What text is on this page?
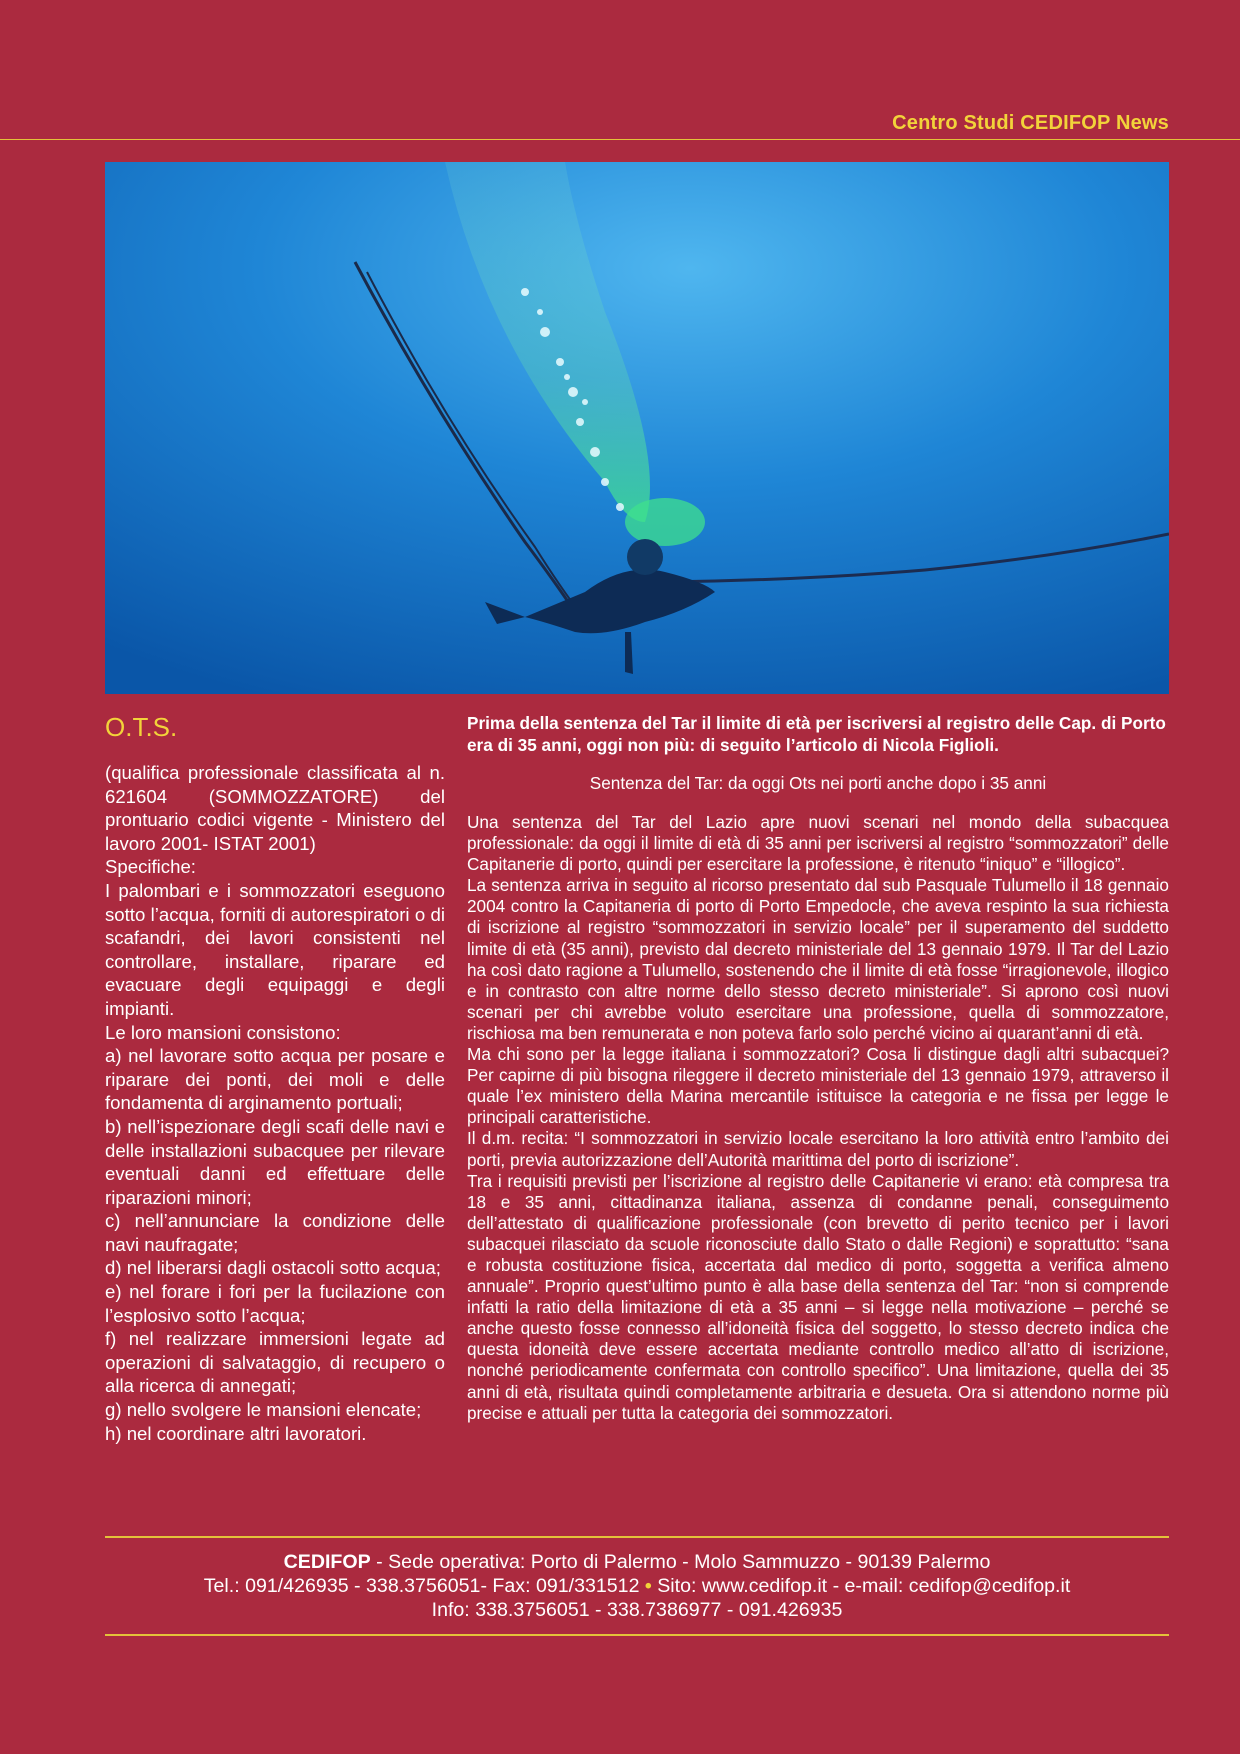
Centro Studi CEDIFOP News
O.T.S.

(qualifica professionale classificata al n. 621604 (SOMMOZZATORE) del prontuario codici vigente - Ministero del lavoro 2001- ISTAT 2001)

Specifiche:

I palombari e i sommozzatori eseguono sotto l’acqua, forniti di autorespiratori o di scafandri, dei lavori consistenti nel controllare, installare, riparare ed evacuare degli equipaggi e degli impianti.

Le loro mansioni consistono:

a) nel lavorare sotto acqua per posare e riparare dei ponti, dei moli e delle fondamenta di arginamento portuali;

b) nell’ispezionare degli scafi delle navi e delle installazioni subacquee per rilevare eventuali danni ed effettuare delle riparazioni minori;

c) nell’annunciare la condizione delle navi naufragate;

d) nel liberarsi dagli ostacoli sotto acqua;

e) nel forare i fori per la fucilazione con l’esplosivo sotto l’acqua;

f) nel realizzare immersioni legate ad operazioni di salvataggio, di recupero o alla ricerca di annegati;

g) nello svolgere le mansioni elencate;

h) nel coordinare altri lavoratori.

Prima della sentenza del Tar il limite di età per iscriversi al registro delle Cap. di Porto era di 35 anni, oggi non più: di seguito l’articolo di Nicola Figlioli.

Sentenza del Tar: da oggi Ots nei porti anche dopo i 35 anni

Una sentenza del Tar del Lazio apre nuovi scenari nel mondo della subacquea professionale: da oggi il limite di età di 35 anni per iscriversi al registro “sommozzatori” delle Capitanerie di porto, quindi per esercitare la professione, è ritenuto “iniquo” e “illogico”.

La sentenza arriva in seguito al ricorso presentato dal sub Pasquale Tulumello il 18 gennaio 2004 contro la Capitaneria di porto di Porto Empedocle, che aveva respinto la sua richiesta di iscrizione al registro “sommozzatori in servizio locale” per il superamento del suddetto limite di età (35 anni), previsto dal decreto ministeriale del 13 gennaio 1979. Il Tar del Lazio ha così dato ragione a Tulumello, sostenendo che il limite di età fosse “irragionevole, illogico e in contrasto con altre norme dello stesso decreto ministeriale”. Si aprono così nuovi scenari per chi avrebbe voluto esercitare una professione, quella di sommozzatore, rischiosa ma ben remunerata e non poteva farlo solo perché vicino ai quarant’anni di età.

Ma chi sono per la legge italiana i sommozzatori? Cosa li distingue dagli altri subacquei? Per capirne di più bisogna rileggere il decreto ministeriale del 13 gennaio 1979, attraverso il quale l’ex ministero della Marina mercantile istituisce la categoria e ne fissa per legge le principali caratteristiche.

Il d.m. recita: “I sommozzatori in servizio locale esercitano la loro attività entro l’ambito dei porti, previa autorizzazione dell’Autorità marittima del porto di iscrizione”.

Tra i requisiti previsti per l’iscrizione al registro delle Capitanerie vi erano: età compresa tra 18 e 35 anni, cittadinanza italiana, assenza di condanne penali, conseguimento dell’attestato di qualificazione professionale (con brevetto di perito tecnico per i lavori subacquei rilasciato da scuole riconosciute dallo Stato o dalle Regioni) e soprattutto: “sana e robusta costituzione fisica, accertata dal medico di porto, soggetta a verifica almeno annuale”. Proprio quest’ultimo punto è alla base della sentenza del Tar: “non si comprende infatti la ratio della limitazione di età a 35 anni – si legge nella motivazione – perché se anche questo fosse connesso all’idoneità fisica del soggetto, lo stesso decreto indica che questa idoneità deve essere accertata mediante controllo medico all’atto di iscrizione, nonché periodicamente confermata con controllo specifico”. Una limitazione, quella dei 35 anni di età, risultata quindi completamente arbitraria e desueta. Ora si attendono norme più precise e attuali per tutta la categoria dei sommozzatori.

CEDIFOP - Sede operativa: Porto di Palermo - Molo Sammuzzo - 90139 Palermo

Tel.: 091/426935 - 338.3756051- Fax: 091/331512 • Sito: www.cedifop.it - e-mail: cedifop@cedifop.it

Info: 338.3756051 - 338.7386977 - 091.426935
